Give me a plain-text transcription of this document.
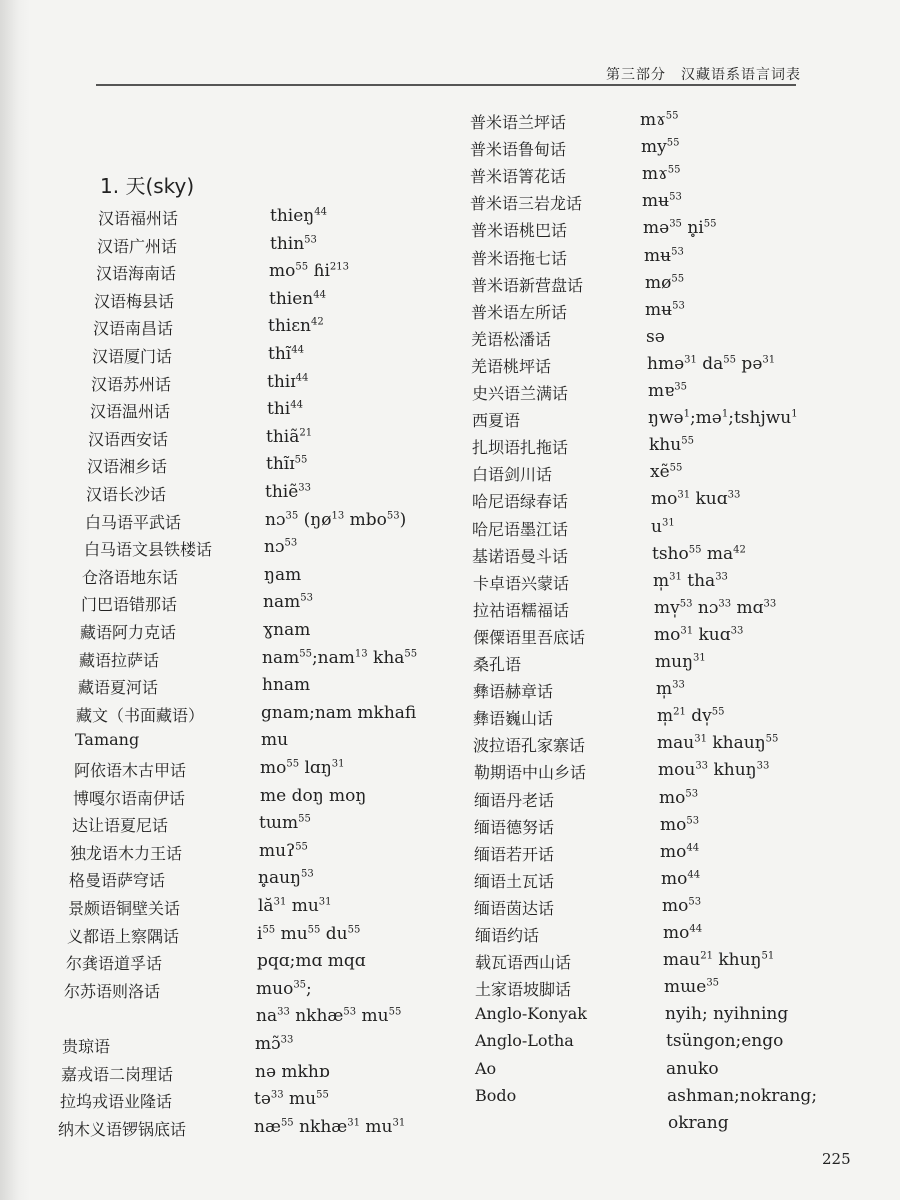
第三部分　汉藏语系语言词表
1. 天(sky)
汉语福州话	thieŋ$^{44}$
汉语广州话	thin$^{53}$
汉语海南话	$mo^{55}$ ɦi$^{213}$
汉语梅县话	thien$^{44}$
汉语南昌话	thiɛn$^{42}$
汉语厦门话	thĩ$^{44}$
汉语苏州话	thiɪ$^{44}$
汉语温州话	thi$^{44}$
汉语西安话	thiã$^{21}$
汉语湘乡话	thĩɪ$^{55}$
汉语长沙话	thiẽ$^{33}$
白马语平武话	nɔ$^{35}$ ($ŋø^{13}$ mbo$^{53}$)
白马语文县铁楼话	nɔ$^{53}$
仓洛语地东话	ŋam
门巴语错那话	nam$^{53}$
藏语阿力克话	ɣnam
藏语拉萨话	nam$^{55}$;nam$^{13}$ kha$^{55}$
藏语夏河话	hnam
藏文（书面藏语）	gnam;nam mkhafi
Tamang	mu
阿依语木古甲话	$mo^{55}$ lɑŋ$^{31}$
博嘎尔语南伊话	me doŋ moŋ
达让语夏尼话	tɯm$^{55}$
独龙语木力王话	muʔ$^{55}$
格曼语萨穹话	n̥auŋ$^{53}$
景颇语铜壁关话	$lă^{31}$ $mu^{31}$
义都语上察隅话	$i^{55}$ $mu^{55}$ $du^{55}$
尔龚语道孚话	pqɑ;mɑ mqɑ
尔苏语则洛话	muo$^{35}$;
$na^{33}$ nkhæ$^{53}$ $mu^{55}$
贵琼语	mɔ̃$^{33}$
嘉戎语二岗理话	nə mkhɒ
拉坞戎语业隆话	tə$^{33}$ $mu^{55}$
纳木义语锣锅底话	$næ^{55}$ nkhæ$^{31}$ $mu^{31}$
普米语兰坪话	mɤ$^{55}$
普米语鲁甸话	$my^{55}$
普米语箐花话	mɤ$^{55}$
普米语三岩龙话	mʉ$^{53}$
普米语桃巴话	mə$^{35}$ $n̥i^{55}$
普米语拖七话	mʉ$^{53}$
普米语新营盘话	$mø^{55}$
普米语左所话	mʉ$^{53}$
羌语松潘话	sə
羌语桃坪话	hmə$^{31}$ $da^{55}$ pə$^{31}$
史兴语兰满话	mɐ$^{35}$
西夏语	ŋwə$^1$;mə$^1$;tshjwu$^1$
扎坝语扎拖话	khu$^{55}$
白语剑川话	xẽ$^{55}$
哈尼语绿春话	$mo^{31}$ kuɑ$^{33}$
哈尼语墨江话	$u^{31}$
基诺语曼斗话	tsho$^{55}$ $ma^{42}$
卡卓语兴蒙话	m̩$^{31}$ tha$^{33}$
拉祜语糯福话	mv̩$^{53}$ nɔ$^{33}$ mɑ$^{33}$
傈僳语里吾底话	$mo^{31}$ kuɑ$^{33}$
桑孔语	muŋ$^{31}$
彝语赫章话	m̩$^{33}$
彝语巍山话	m̩$^{21}$ dv̩$^{55}$
波拉语孔家寨话	mau$^{31}$ khauŋ$^{55}$
勒期语中山乡话	mou$^{33}$ khuŋ$^{33}$
缅语丹老话	$mo^{53}$
缅语德努话	$mo^{53}$
缅语若开话	$mo^{44}$
缅语土瓦话	$mo^{44}$
缅语茵达话	$mo^{53}$
缅语约话	$mo^{44}$
载瓦语西山话	mau$^{21}$ khuŋ$^{51}$
土家语坡脚话	mɯe$^{35}$
Anglo-Konyak	nyih; nyihning
Anglo-Lotha	tsüngon;engo
Ao	anuko
Bodo	ashman;nokrang;
okrang
225
